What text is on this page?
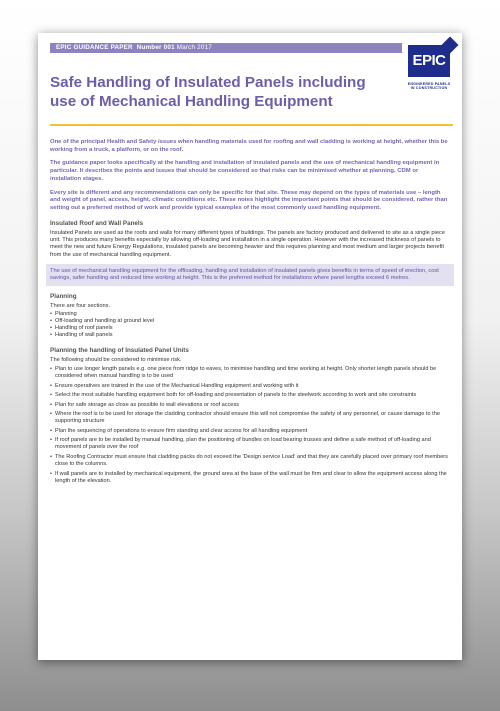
EPIC GUIDANCE PAPER Number 001 March 2017
EPIC
ENGINEERED PANELS IN CONSTRUCTION
Safe Handling of Insulated Panels including use of Mechanical Handling Equipment

One of the principal Health and Safety issues when handling materials used for roofing and wall cladding is working at height, whether this be working from a truck, a platform, or on the roof.

The guidance paper looks specifically at the handling and installation of insulated panels and the use of mechanical handling equipment in particular. It describes the points and issues that should be considered so that risks can be minimised whether at planning, CDM or installation stages.

Every site is different and any recommendations can only be specific for that site. These may depend on the types of materials use – length and weight of panel, access, height, climatic conditions etc. These notes highlight the important points that should be considered, rather than setting out a preferred method of work and provide typical examples of the most commonly used handling equipment.

Insulated Roof and Wall Panels

Insulated Panels are used as the roofs and walls for many different types of buildings. The panels are factory produced and delivered to site as a single piece unit. This produces many benefits especially by allowing off-loading and installation in a single operation. However with the increased thickness of panels to meet the new and future Energy Regulations, insulated panels are becoming heavier and this requires planning and most medium and larger projects benefit from the use of mechanical handling equipment.

The use of mechanical handling equipment for the offloading, handling and installation of insulated panels gives benefits in terms of speed of erection, cost savings, safer handling and reduced time working at height. This is the preferred method for installations where panel lengths exceed 6 metres.
Planning

There are four sections.

• Planning
• Off-loading and handling at ground level
• Handling of roof panels
• Handling of wall panels
Planning the handling of Insulated Panel Units

The following should be considered to minimise risk.

• Plan to use longer length panels e.g. one piece from ridge to eaves, to minimise handling and time working at height. Only shorter length panels should be considered when manual handling is to be used
• Ensure operatives are trained in the use of the Mechanical Handling equipment and working with it
• Select the most suitable handling equipment both for off-loading and presentation of panels to the steelwork according to work and site constraints
• Plan for safe storage as close as possible to wall elevations or roof access
• Where the roof is to be used for storage the cladding contractor should ensure this will not compromise the safety of any personnel, or cause damage to the supporting structure
• Plan the sequencing of operations to ensure firm standing and clear access for all handling equipment
• If roof panels are to be installed by manual handling, plan the positioning of bundles on load bearing trusses and define a safe method of off-loading and movement of panels over the roof
• The Roofing Contractor must ensure that cladding packs do not exceed the 'Design service Load' and that they are carefully placed over primary roof members close to the columns.
• If wall panels are to installed by mechanical equipment, the ground area at the base of the wall must be firm and clear to allow the equipment access along the length of the elevation.
